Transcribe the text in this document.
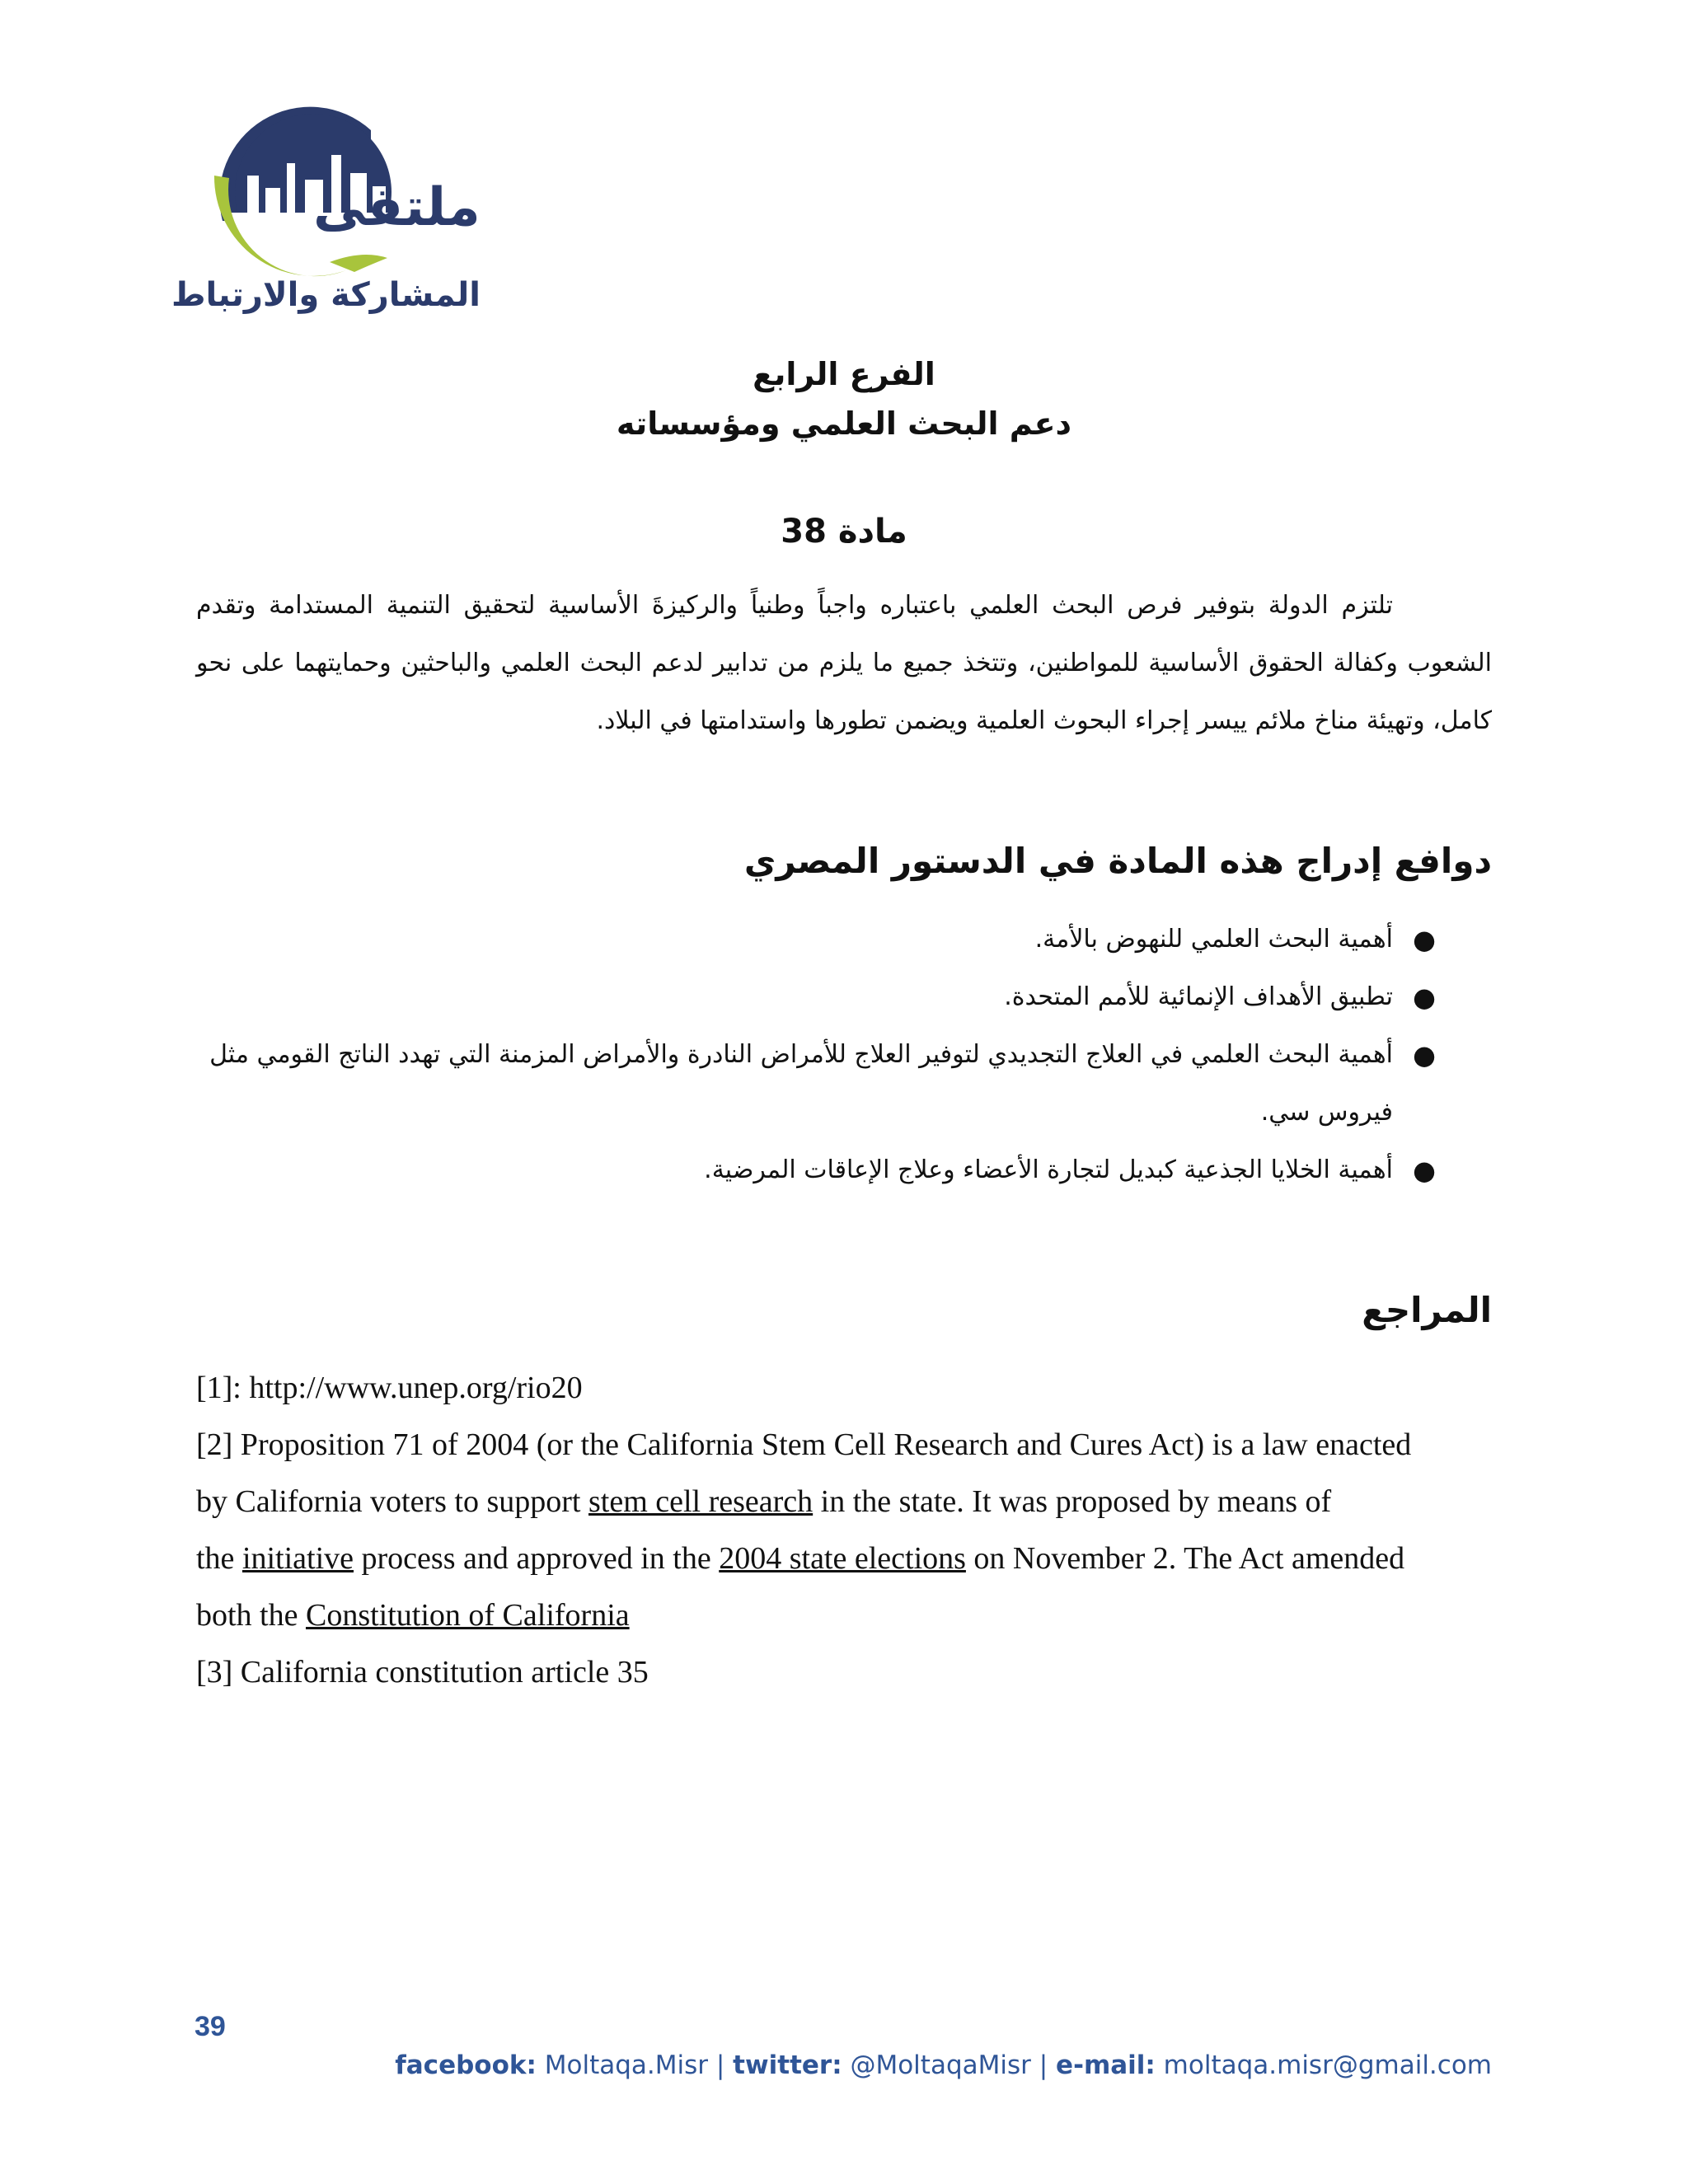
ملتقى
المشاركة والارتباط
الفرع الرابع
دعم البحث العلمي ومؤسساته
مادة 38

تلتزم الدولة بتوفير فرص البحث العلمي باعتباره واجباً وطنياً والركيزةَ الأساسية لتحقيق التنمية المستدامة وتقدم الشعوب وكفالة الحقوق الأساسية للمواطنين، وتتخذ جميع ما يلزم من تدابير لدعم البحث العلمي والباحثين وحمايتهما على نحو كامل، وتهيئة مناخ ملائم ييسر إجراء البحوث العلمية ويضمن تطورها واستدامتها في البلاد.

دوافع إدراج هذه المادة في الدستور المصري
●
أهمية البحث العلمي للنهوض بالأمة.
●
تطبيق الأهداف الإنمائية للأمم المتحدة.
●
أهمية البحث العلمي في العلاج التجديدي لتوفير العلاج للأمراض النادرة والأمراض المزمنة التي تهدد الناتج القومي مثل فيروس سي.
●
أهمية الخلايا الجذعية كبديل لتجارة الأعضاء وعلاج الإعاقات المرضية.
المراجع
[1]: http://www.unep.org/rio20
[2] Proposition 71 of 2004 (or the California Stem Cell Research and Cures Act) is a law enacted
by California voters to support stem cell research in the state. It was proposed by means of
the initiative process and approved in the 2004 state elections on November 2. The Act amended
both the Constitution of California
[3] California constitution article 35
39
facebook: Moltaqa.Misr | twitter: @MoltaqaMisr | e-mail: moltaqa.misr@gmail.com
